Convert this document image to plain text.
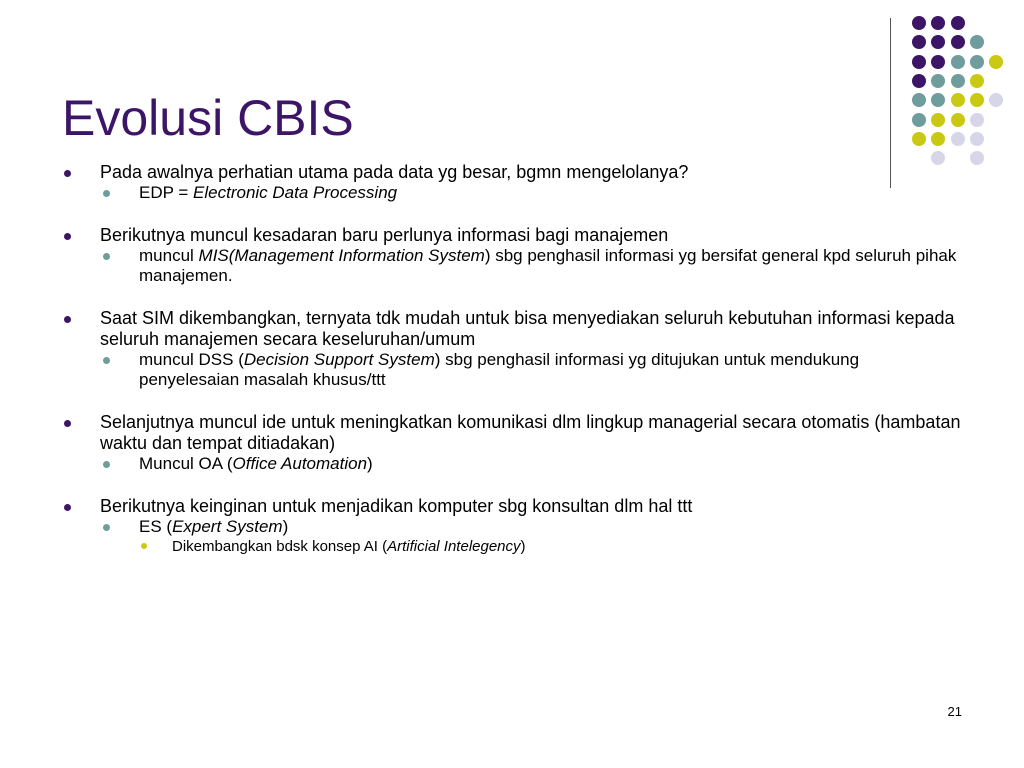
Evolusi CBIS
Pada awalnya perhatian utama pada data yg besar, bgmn mengelolanya?
EDP = Electronic Data Processing
Berikutnya muncul kesadaran baru perlunya informasi bagi manajemen
muncul MIS(Management Information System) sbg penghasil informasi yg bersifat general kpd seluruh pihak manajemen.
Saat SIM dikembangkan, ternyata tdk mudah untuk bisa menyediakan seluruh kebutuhan informasi kepada seluruh manajemen secara keseluruhan/umum
muncul DSS (Decision Support System) sbg penghasil informasi yg ditujukan untuk mendukung penyelesaian masalah khusus/ttt
Selanjutnya muncul ide untuk meningkatkan komunikasi dlm lingkup managerial secara otomatis (hambatan waktu dan tempat ditiadakan)
Muncul OA (Office Automation)
Berikutnya keinginan untuk menjadikan komputer sbg konsultan dlm hal ttt
ES (Expert System)
Dikembangkan bdsk konsep AI (Artificial Intelegency)
21
